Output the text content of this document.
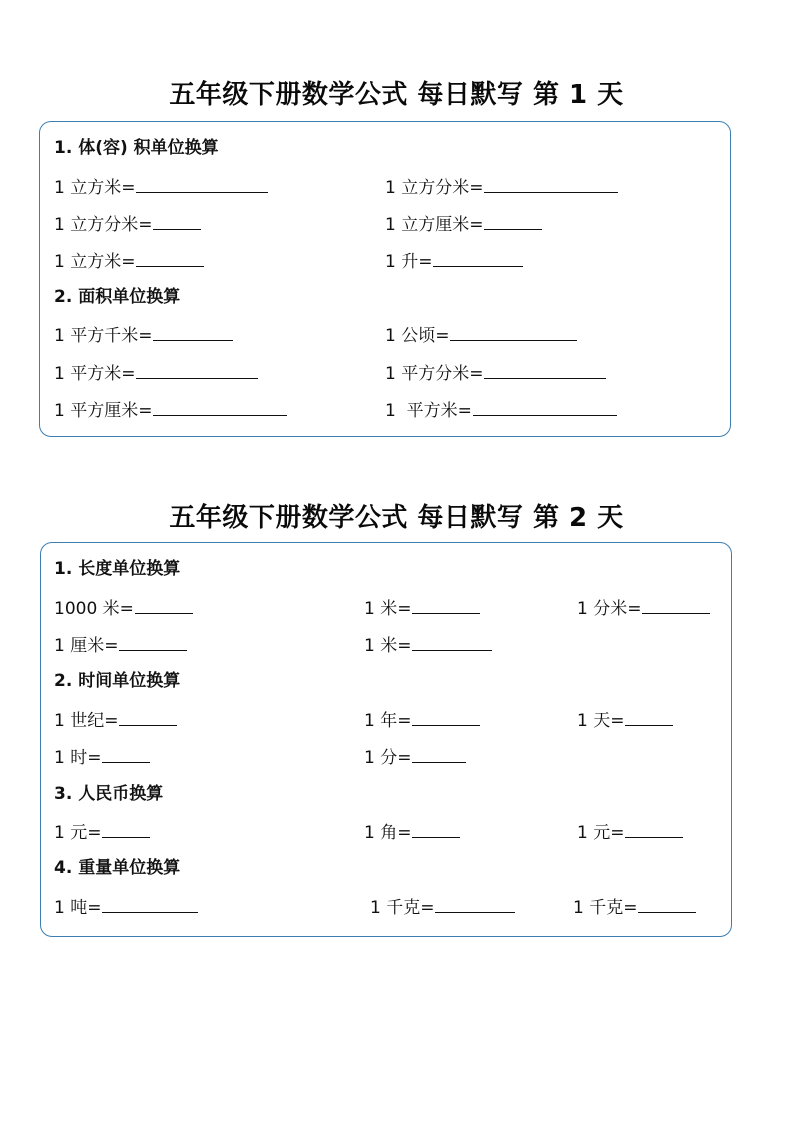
五年级下册数学公式 每日默写 第 1 天
1. 体(容) 积单位换算
1 立方米=	1 立方分米=
1 立方分米=	1 立方厘米=
1 立方米=	1 升=
2. 面积单位换算
1 平方千米=	1 公顷=
1 平方米=	1 平方分米=
1 平方厘米=	1  平方米=
五年级下册数学公式 每日默写 第 2 天
1. 长度单位换算
1000 米=	1 米=	1 分米=
1 厘米=	1 米=
2. 时间单位换算
1 世纪=	1 年=	1 天=
1 时=	1 分=
3. 人民币换算
1 元=	1 角=	1 元=
4. 重量单位换算
1 吨=	1 千克=	1 千克=
